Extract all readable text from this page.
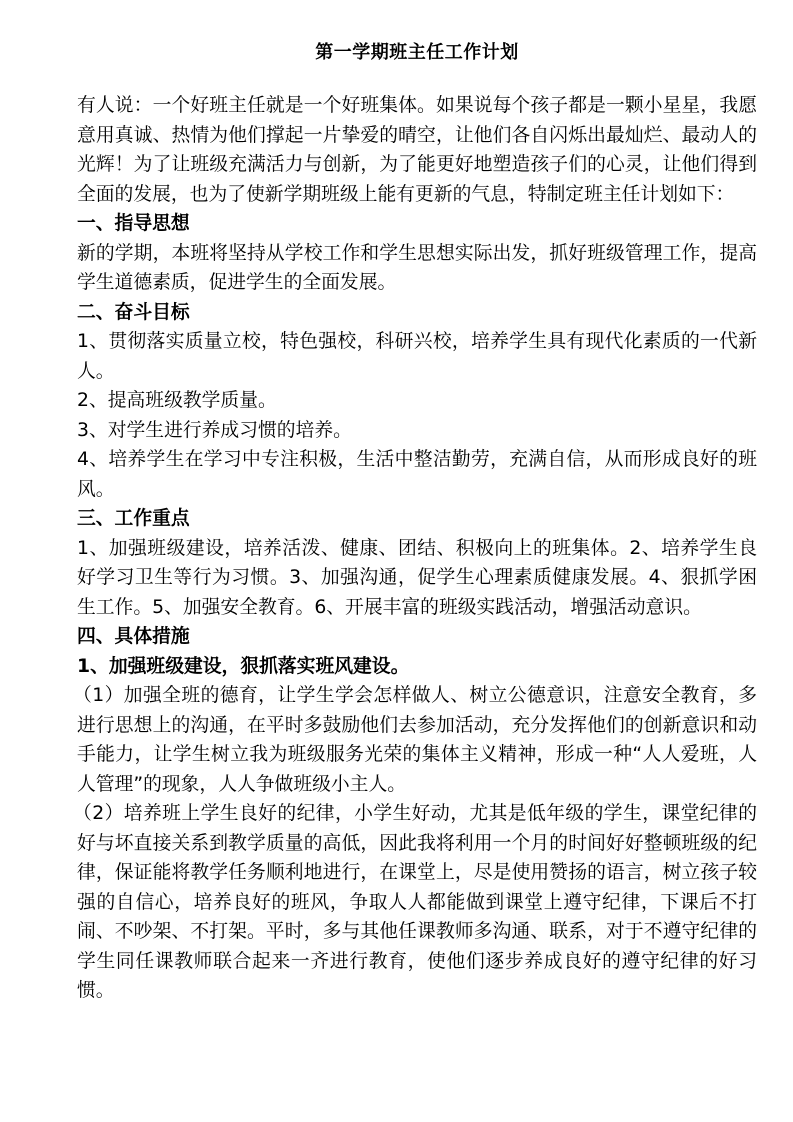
第一学期班主任工作计划

有人说：一个好班主任就是一个好班集体。如果说每个孩子都是一颗小星星，我愿意用真诚、热情为他们撑起一片挚爱的晴空，让他们各自闪烁出最灿烂、最动人的光辉！为了让班级充满活力与创新，为了能更好地塑造孩子们的心灵，让他们得到全面的发展，也为了使新学期班级上能有更新的气息，特制定班主任计划如下：

一、指导思想

新的学期，本班将坚持从学校工作和学生思想实际出发，抓好班级管理工作，提高学生道德素质，促进学生的全面发展。

二、奋斗目标

1、贯彻落实质量立校，特色强校，科研兴校，培养学生具有现代化素质的一代新人。

2、提高班级教学质量。

3、对学生进行养成习惯的培养。

4、培养学生在学习中专注积极，生活中整洁勤劳，充满自信，从而形成良好的班风。

三、工作重点

1、加强班级建设，培养活泼、健康、团结、积极向上的班集体。2、培养学生良好学习卫生等行为习惯。3、加强沟通，促学生心理素质健康发展。4、狠抓学困生工作。5、加强安全教育。6、开展丰富的班级实践活动，增强活动意识。

四、具体措施

1、加强班级建设，狠抓落实班风建设。

（1）加强全班的德育，让学生学会怎样做人、树立公德意识，注意安全教育，多进行思想上的沟通，在平时多鼓励他们去参加活动，充分发挥他们的创新意识和动手能力，让学生树立我为班级服务光荣的集体主义精神，形成一种“人人爱班，人人管理”的现象，人人争做班级小主人。

（2）培养班上学生良好的纪律，小学生好动，尤其是低年级的学生，课堂纪律的好与坏直接关系到教学质量的高低，因此我将利用一个月的时间好好整顿班级的纪律，保证能将教学任务顺利地进行，在课堂上，尽是使用赞扬的语言，树立孩子较强的自信心，培养良好的班风，争取人人都能做到课堂上遵守纪律，下课后不打闹、不吵架、不打架。平时，多与其他任课教师多沟通、联系，对于不遵守纪律的学生同任课教师联合起来一齐进行教育，使他们逐步养成良好的遵守纪律的好习惯。
